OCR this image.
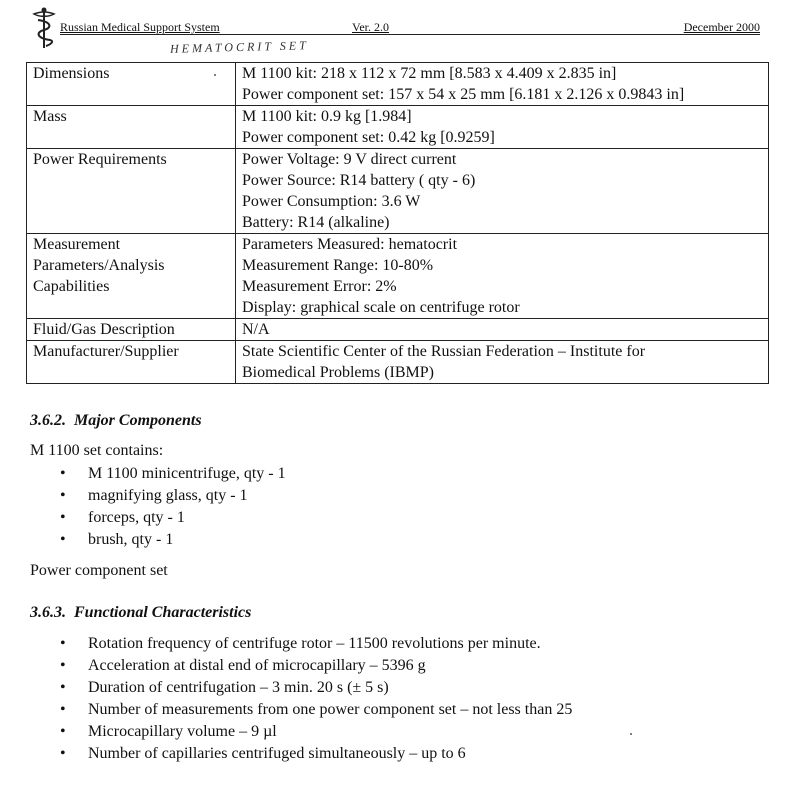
Russian Medical Support System	Ver. 2.0	December 2000
HEMATOCRIT SET
Dimensions	M 1100 kit: 218 x 112 x 72 mm [8.583 x 4.409 x 2.835 in]
Power component set: 157 x 54 x 25 mm [6.181 x 2.126 x 0.9843 in]

Mass	M 1100 kit: 0.9 kg [1.984]
Power component set: 0.42 kg [0.9259]

Power Requirements	Power Voltage: 9 V direct current
Power Source: R14 battery ( qty - 6)
Power Consumption: 3.6 W
Battery: R14 (alkaline)

Measurement
Parameters/Analysis
Capabilities	Parameters Measured: hematocrit
Measurement Range: 10-80%
Measurement Error: 2%
Display: graphical scale on centrifuge rotor

Fluid/Gas Description	N/A

Manufacturer/Supplier	State Scientific Center of the Russian Federation – Institute for
Biomedical Problems (IBMP)
3.6.2. Major Components
M 1100 set contains:
• M 1100 minicentrifuge, qty - 1
• magnifying glass, qty - 1
• forceps, qty - 1
• brush, qty - 1
Power component set
3.6.3. Functional Characteristics
• Rotation frequency of centrifuge rotor – 11500 revolutions per minute.
• Acceleration at distal end of microcapillary – 5396 g
• Duration of centrifugation – 3 min. 20 s (± 5 s)
• Number of measurements from one power component set – not less than 25
• Microcapillary volume – 9 µl
• Number of capillaries centrifuged simultaneously – up to 6
